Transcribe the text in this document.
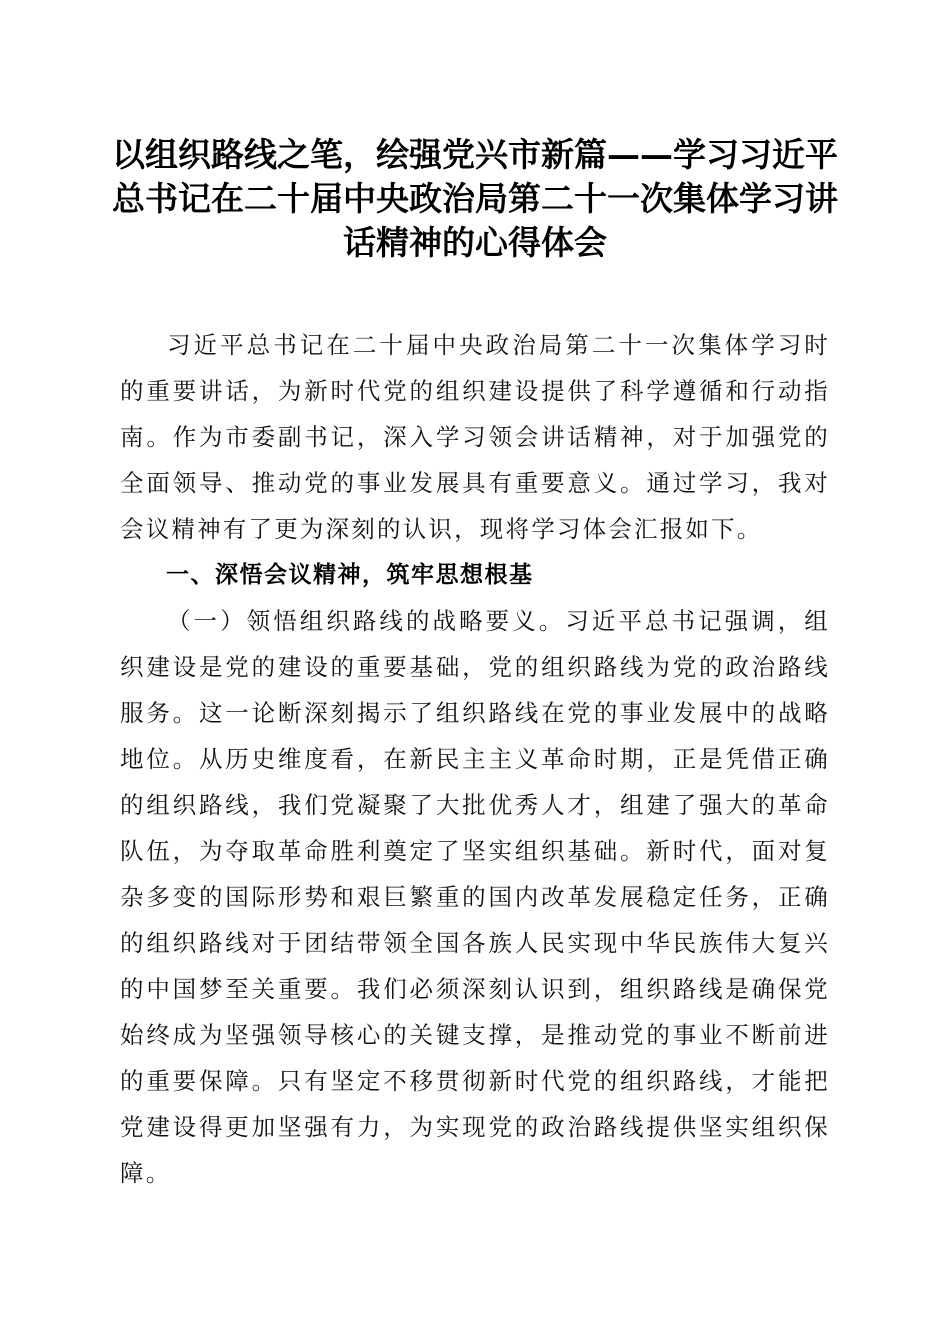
以组织路线之笔，绘强党兴市新篇——学习习近平总书记在二十届中央政治局第二十一次集体学习讲话精神的心得体会

习近平总书记在二十届中央政治局第二十一次集体学习时的重要讲话，为新时代党的组织建设提供了科学遵循和行动指南。作为市委副书记，深入学习领会讲话精神，对于加强党的全面领导、推动党的事业发展具有重要意义。通过学习，我对会议精神有了更为深刻的认识，现将学习体会汇报如下。

一、深悟会议精神，筑牢思想根基

（一）领悟组织路线的战略要义。习近平总书记强调，组织建设是党的建设的重要基础，党的组织路线为党的政治路线服务。这一论断深刻揭示了组织路线在党的事业发展中的战略地位。从历史维度看，在新民主主义革命时期，正是凭借正确的组织路线，我们党凝聚了大批优秀人才，组建了强大的革命队伍，为夺取革命胜利奠定了坚实组织基础。新时代，面对复杂多变的国际形势和艰巨繁重的国内改革发展稳定任务，正确的组织路线对于团结带领全国各族人民实现中华民族伟大复兴的中国梦至关重要。我们必须深刻认识到，组织路线是确保党始终成为坚强领导核心的关键支撑，是推动党的事业不断前进的重要保障。只有坚定不移贯彻新时代党的组织路线，才能把党建设得更加坚强有力，为实现党的政治路线提供坚实组织保障。
